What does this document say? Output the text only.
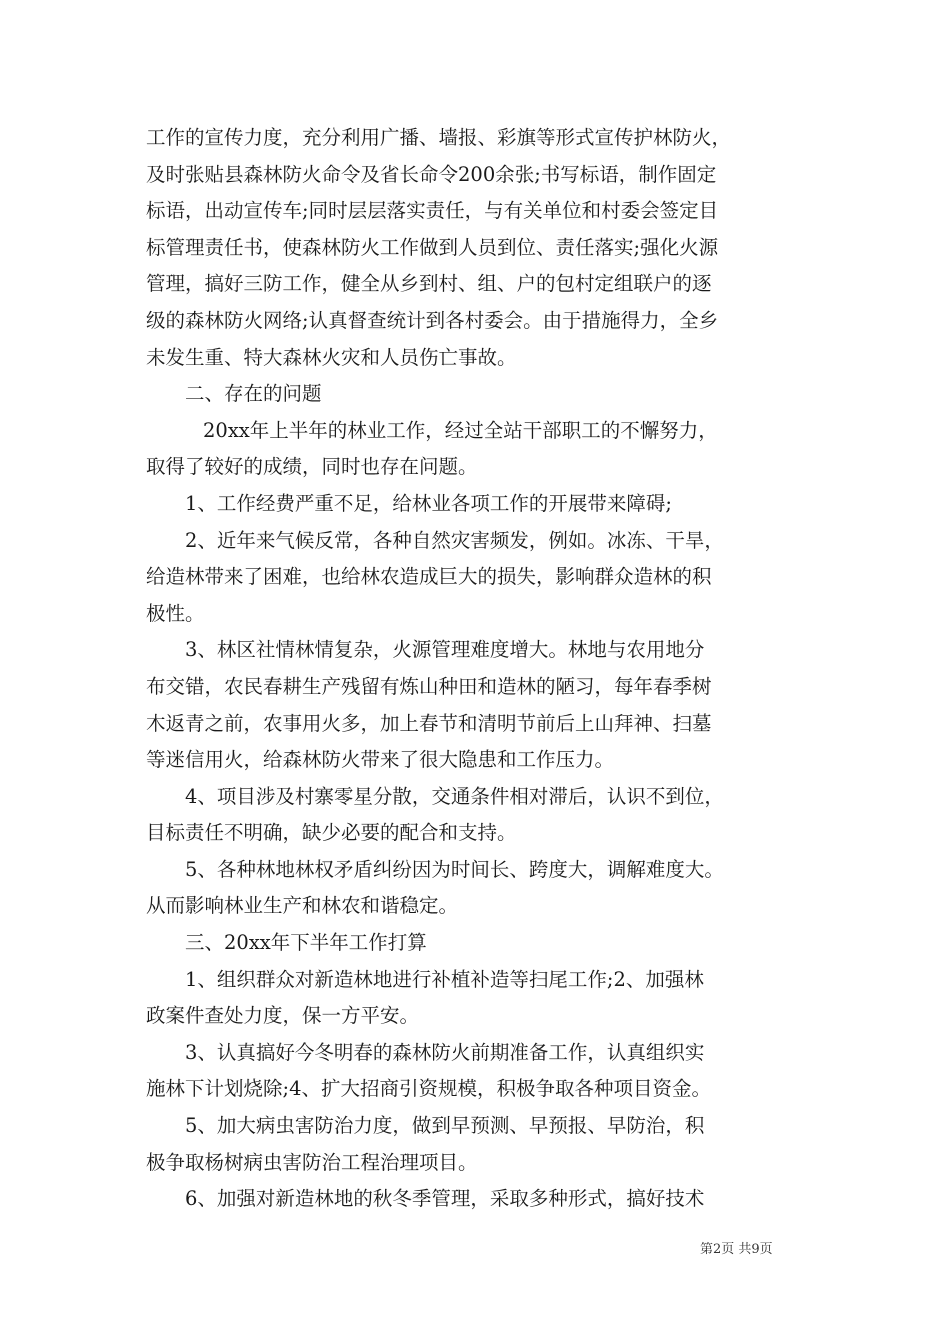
工作的宣传力度，充分利用广播、墙报、彩旗等形式宣传护林防火，
及时张贴县森林防火命令及省长命令200余张;书写标语，制作固定
标语，出动宣传车;同时层层落实责任，与有关单位和村委会签定目
标管理责任书，使森林防火工作做到人员到位、责任落实;强化火源
管理，搞好三防工作，健全从乡到村、组、户的包村定组联户的逐
级的森林防火网络;认真督查统计到各村委会。由于措施得力，全乡
未发生重、特大森林火灾和人员伤亡事故。
二、存在的问题
20xx年上半年的林业工作，经过全站干部职工的不懈努力，
取得了较好的成绩，同时也存在问题。
1、工作经费严重不足，给林业各项工作的开展带来障碍;
2、近年来气候反常，各种自然灾害频发，例如。冰冻、干旱，
给造林带来了困难，也给林农造成巨大的损失，影响群众造林的积
极性。
3、林区社情林情复杂，火源管理难度增大。林地与农用地分
布交错，农民春耕生产残留有炼山种田和造林的陋习，每年春季树
木返青之前，农事用火多，加上春节和清明节前后上山拜神、扫墓
等迷信用火，给森林防火带来了很大隐患和工作压力。
4、项目涉及村寨零星分散，交通条件相对滞后，认识不到位，
目标责任不明确，缺少必要的配合和支持。
5、各种林地林权矛盾纠纷因为时间长、跨度大，调解难度大。
从而影响林业生产和林农和谐稳定。
三、20xx年下半年工作打算
1、组织群众对新造林地进行补植补造等扫尾工作;2、加强林
政案件查处力度，保一方平安。
3、认真搞好今冬明春的森林防火前期准备工作，认真组织实
施林下计划烧除;4、扩大招商引资规模，积极争取各种项目资金。
5、加大病虫害防治力度，做到早预测、早预报、早防治，积
极争取杨树病虫害防治工程治理项目。
6、加强对新造林地的秋冬季管理，采取多种形式，搞好技术
第2页 共9页
